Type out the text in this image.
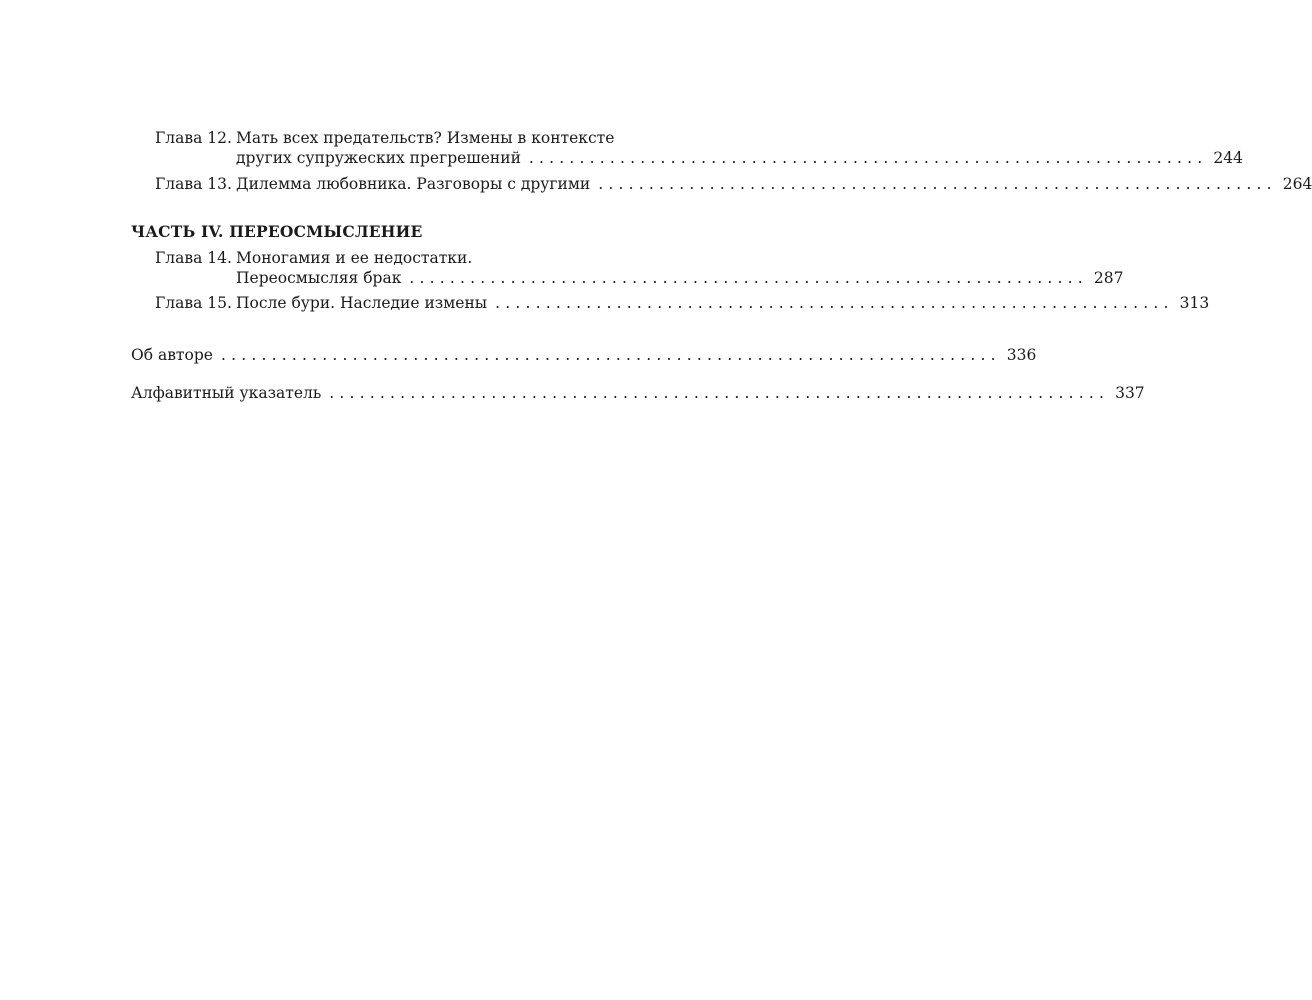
Глава 12. Мать всех предательств? Измены в контексте
других супружеских прегрешений ................................................................... 244
Глава 13. Дилемма любовника. Разговоры с другими ................................................................... 264
ЧАСТЬ IV. ПЕРЕОСМЫСЛЕНИЕ
Глава 14. Моногамия и ее недостатки.
Переосмысляя брак ................................................................... 287
Глава 15. После бури. Наследие измены ................................................................... 313
Об авторе ............................................................................. 336
Алфавитный указатель ............................................................................. 337
